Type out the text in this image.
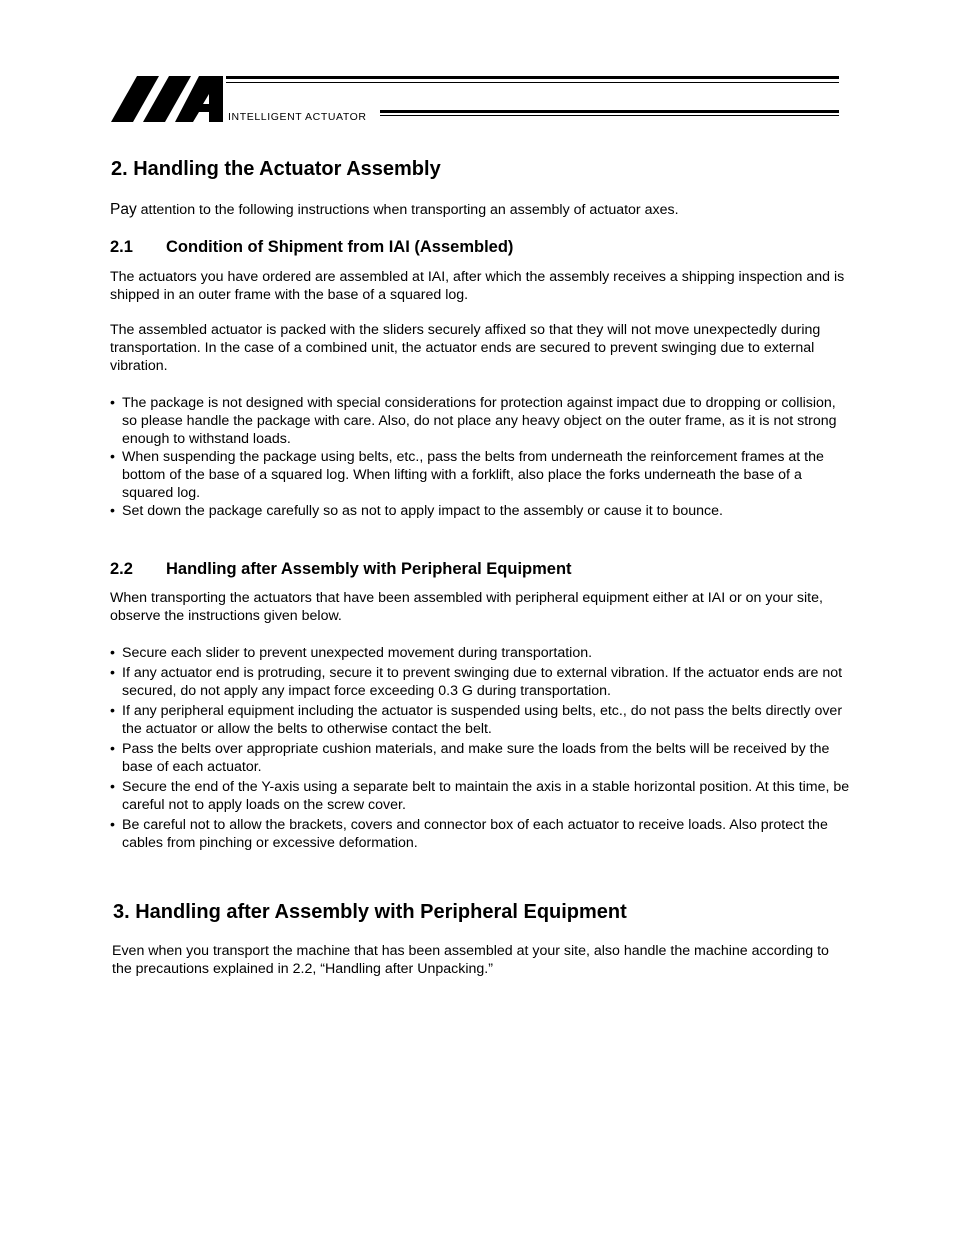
INTELLIGENT ACTUATOR
2. Handling the Actuator Assembly
Pay attention to the following instructions when transporting an assembly of actuator axes.
2.1 Condition of Shipment from IAI (Assembled)
The actuators you have ordered are assembled at IAI, after which the assembly receives a shipping inspection and is shipped in an outer frame with the base of a squared log.
The assembled actuator is packed with the sliders securely affixed so that they will not move unexpectedly during transportation. In the case of a combined unit, the actuator ends are secured to prevent swinging due to external vibration.
• The package is not designed with special considerations for protection against impact due to dropping or collision, so please handle the package with care. Also, do not place any heavy object on the outer frame, as it is not strong enough to withstand loads.
• When suspending the package using belts, etc., pass the belts from underneath the reinforcement frames at the bottom of the base of a squared log. When lifting with a forklift, also place the forks underneath the base of a squared log.
• Set down the package carefully so as not to apply impact to the assembly or cause it to bounce.
2.2 Handling after Assembly with Peripheral Equipment
When transporting the actuators that have been assembled with peripheral equipment either at IAI or on your site, observe the instructions given below.
• Secure each slider to prevent unexpected movement during transportation.
• If any actuator end is protruding, secure it to prevent swinging due to external vibration. If the actuator ends are not secured, do not apply any impact force exceeding 0.3 G during transportation.
• If any peripheral equipment including the actuator is suspended using belts, etc., do not pass the belts directly over the actuator or allow the belts to otherwise contact the belt.
• Pass the belts over appropriate cushion materials, and make sure the loads from the belts will be received by the base of each actuator.
• Secure the end of the Y-axis using a separate belt to maintain the axis in a stable horizontal position. At this time, be careful not to apply loads on the screw cover.
• Be careful not to allow the brackets, covers and connector box of each actuator to receive loads. Also protect the cables from pinching or excessive deformation.
3. Handling after Assembly with Peripheral Equipment
Even when you transport the machine that has been assembled at your site, also handle the machine according to the precautions explained in 2.2, “Handling after Unpacking.”
